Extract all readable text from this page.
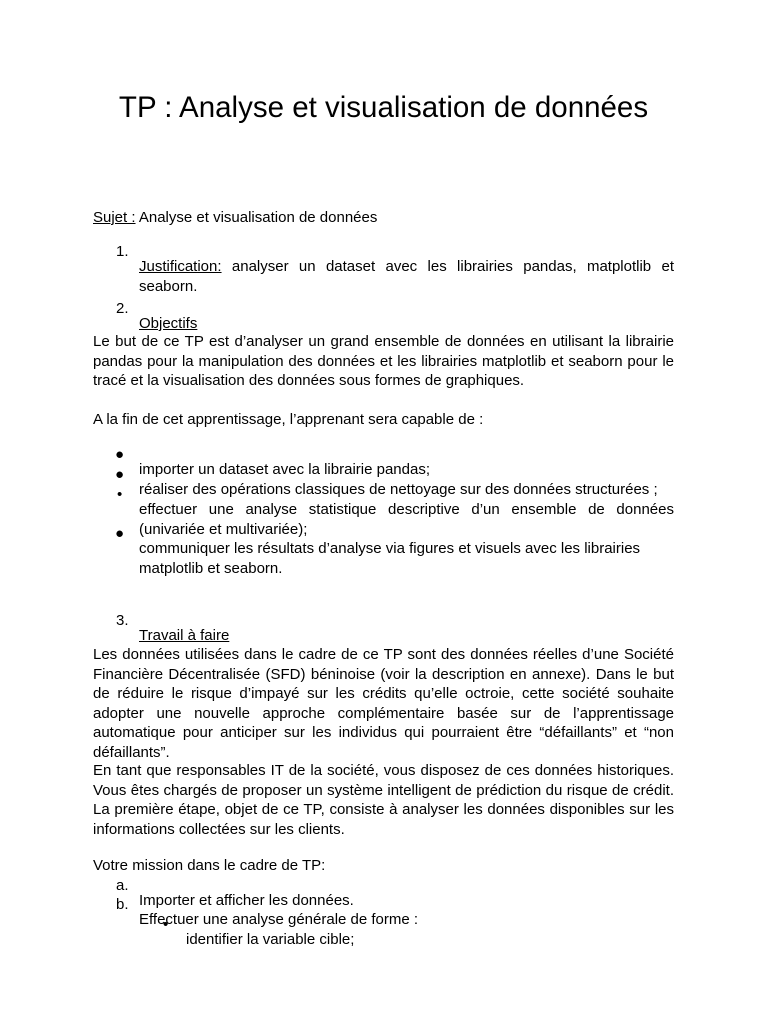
TP : Analyse et visualisation de données

Sujet : Analyse et visualisation de données

1.

Justification: analyser un dataset avec les librairies pandas, matplotlib et seaborn.

2.

Objectifs

Le but de ce TP est d’analyser un grand ensemble de données en utilisant la librairie pandas pour la manipulation des données et les librairies matplotlib et seaborn pour le tracé et la visualisation des données sous formes de graphiques.

A la fin de cet apprentissage, l’apprenant sera capable de :

●

importer un dataset avec la librairie pandas;

●

réaliser des opérations classiques de nettoyage sur des données structurées ;

•

effectuer une analyse statistique descriptive d’un ensemble de données (univariée et multivariée);

●

communiquer les résultats d’analyse via figures et visuels avec les librairies matplotlib et seaborn.

3.

Travail à faire

Les données utilisées dans le cadre de ce TP sont des données réelles d’une Société Financière Décentralisée (SFD) béninoise (voir la description en annexe). Dans le but de réduire le risque d’impayé sur les crédits qu’elle octroie, cette société souhaite adopter une nouvelle approche complémentaire basée sur de l’apprentissage automatique pour anticiper sur les individus qui pourraient être “défaillants” et “non défaillants”.

En tant que responsables IT de la société, vous disposez de ces données historiques. Vous êtes chargés de proposer un système intelligent de prédiction du risque de crédit. La première étape, objet de ce TP, consiste à analyser les données disponibles sur les informations collectées sur les clients.

Votre mission dans le cadre de TP:

a.

Importer et afficher les données.

b.

Effectuer une analyse générale de forme :

•

identifier la variable cible;
